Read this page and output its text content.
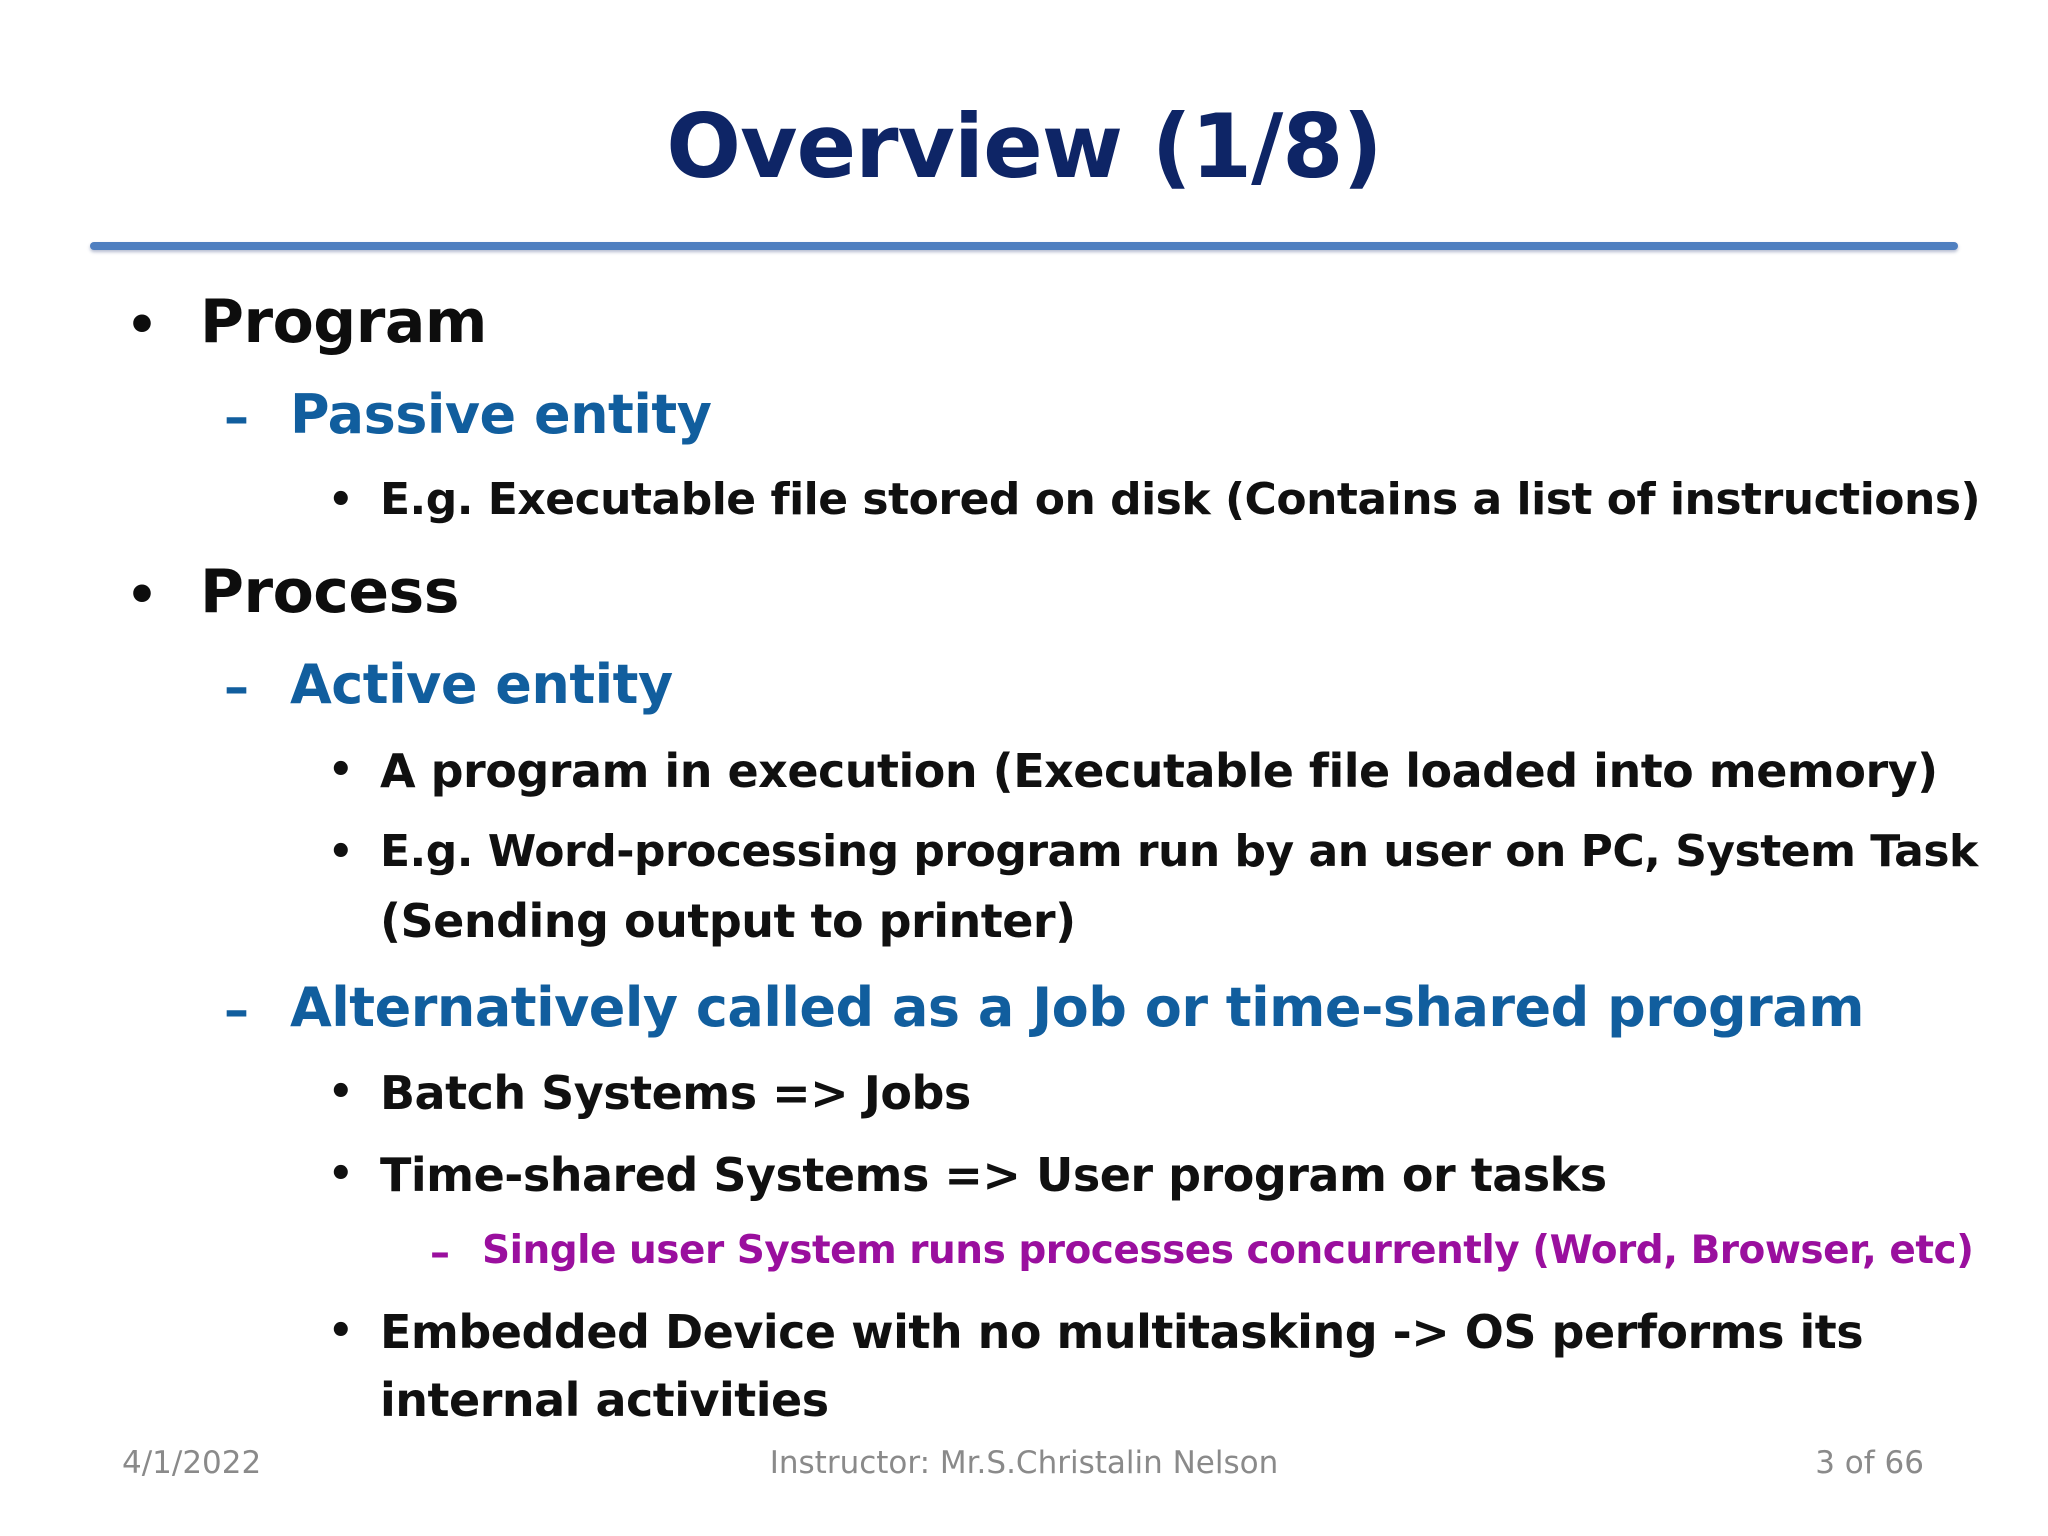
Overview (1/8)
• Program
– Passive entity
• E.g. Executable file stored on disk (Contains a list of instructions)
• Process
– Active entity
• A program in execution (Executable file loaded into memory)
• E.g. Word-processing program run by an user on PC, System Task
(Sending output to printer)
– Alternatively called as a Job or time-shared program
• Batch Systems => Jobs
• Time-shared Systems => User program or tasks
– Single user System runs processes concurrently (Word, Browser, etc)
• Embedded Device with no multitasking -> OS performs its
internal activities
4/1/2022	Instructor: Mr.S.Christalin Nelson	3 of 66
